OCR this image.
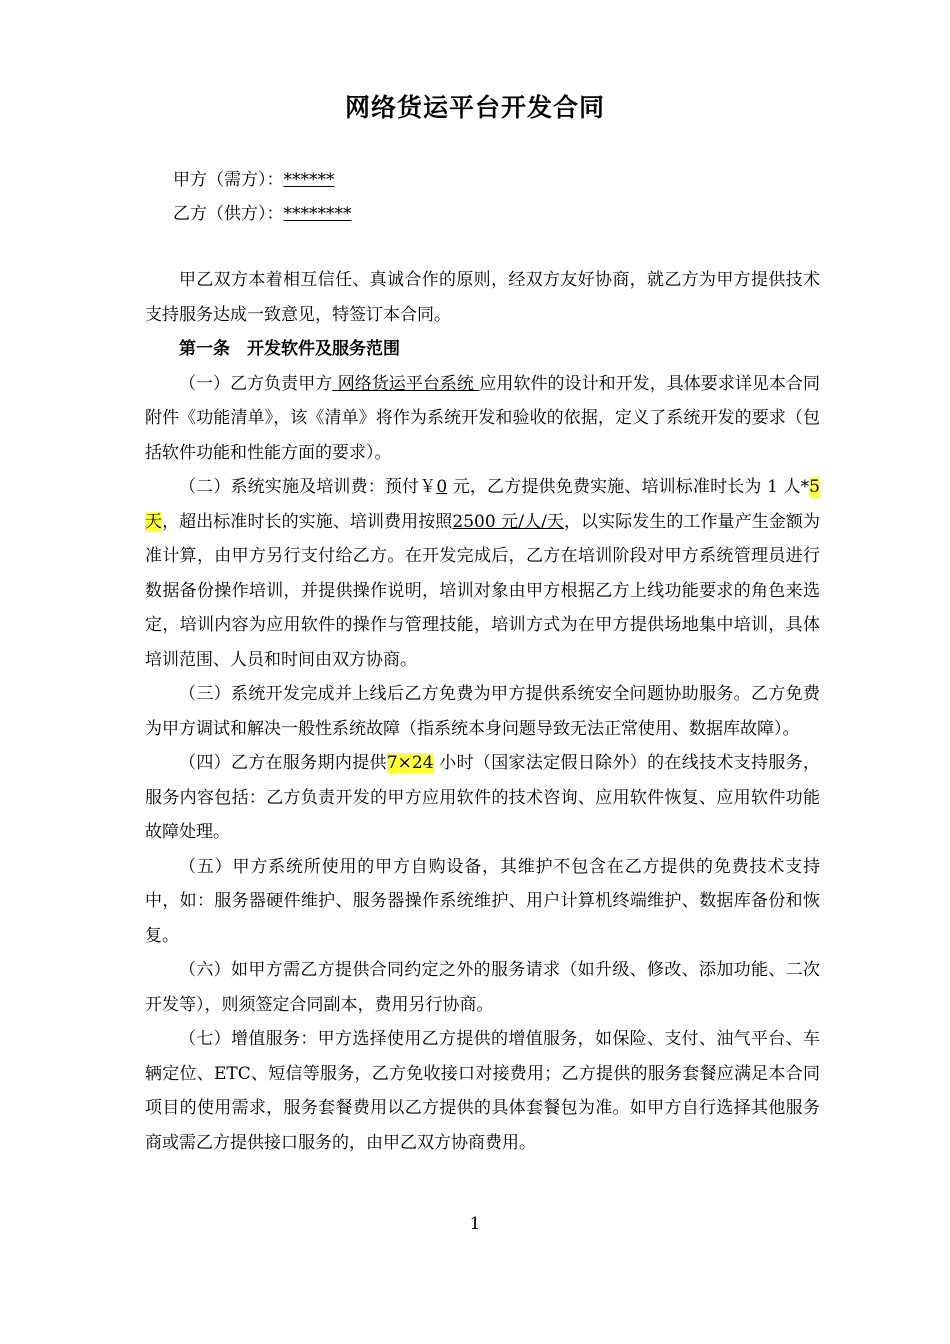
网络货运平台开发合同
甲方（需方）：******
乙方（供方）：********

甲乙双方本着相互信任、真诚合作的原则，经双方友好协商，就乙方为甲方提供技术支持服务达成一致意见，特签订本合同。

第一条　开发软件及服务范围

（一）乙方负责甲方 网络货运平台系统 应用软件的设计和开发，具体要求详见本合同附件《功能清单》，该《清单》将作为系统开发和验收的依据，定义了系统开发的要求（包括软件功能和性能方面的要求）。

（二）系统实施及培训费：预付￥0 元，乙方提供免费实施、培训标准时长为 1 人*5 天，超出标准时长的实施、培训费用按照2500 元/人/天，以实际发生的工作量产生金额为准计算，由甲方另行支付给乙方。在开发完成后，乙方在培训阶段对甲方系统管理员进行数据备份操作培训，并提供操作说明，培训对象由甲方根据乙方上线功能要求的角色来选定，培训内容为应用软件的操作与管理技能，培训方式为在甲方提供场地集中培训，具体培训范围、人员和时间由双方协商。

（三）系统开发完成并上线后乙方免费为甲方提供系统安全问题协助服务。乙方免费为甲方调试和解决一般性系统故障（指系统本身问题导致无法正常使用、数据库故障）。

（四）乙方在服务期内提供7×24 小时（国家法定假日除外）的在线技术支持服务，服务内容包括：乙方负责开发的甲方应用软件的技术咨询、应用软件恢复、应用软件功能故障处理。

（五）甲方系统所使用的甲方自购设备，其维护不包含在乙方提供的免费技术支持中，如：服务器硬件维护、服务器操作系统维护、用户计算机终端维护、数据库备份和恢复。

（六）如甲方需乙方提供合同约定之外的服务请求（如升级、修改、添加功能、二次开发等），则须签定合同副本，费用另行协商。

（七）增值服务：甲方选择使用乙方提供的增值服务，如保险、支付、油气平台、车辆定位、ETC、短信等服务，乙方免收接口对接费用；乙方提供的服务套餐应满足本合同项目的使用需求，服务套餐费用以乙方提供的具体套餐包为准。如甲方自行选择其他服务商或需乙方提供接口服务的，由甲乙双方协商费用。

1
